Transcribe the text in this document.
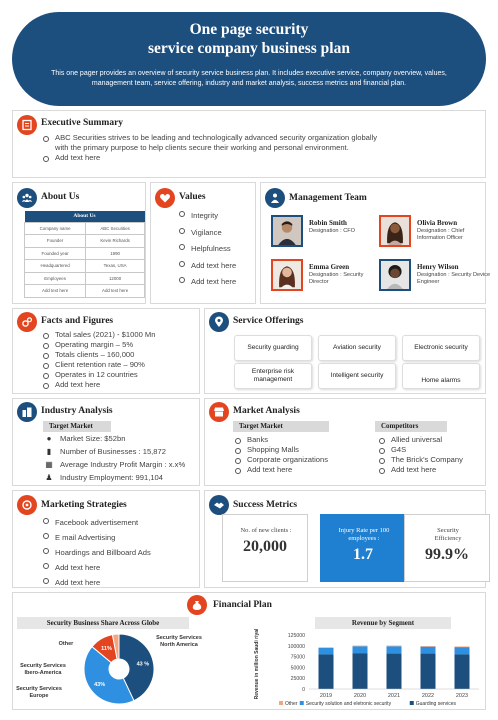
One page security
service company business plan
This one pager provides an overview of security service business plan. It includes executive service, company overview, values, management team, service offering, industry and market analysis, success metrics and financial plan.
Executive Summary
ABC Securities strives to be leading and technologically advanced security organization globally with the primary purpose to help clients secure their working and personal environment.
Add text here
About Us
About Us	
Company name	ABC Securities
Founder	Kevin Richards
Founded year	1990
Headquartered	Texas, USA
Employees	12000
Add text here	Add text here
Values
Integrity
Vigilance
Helpfulness
Add text here
Add text here
Management Team
Robin Smith
Designation : CFO
Olivia Brown
Designation : Chief Information Officer
Emma Green
Designation : Security Director
Henry Wilson
Designation : Security Device Engineer
Facts and Figures
Total sales (2021) - $1000 Mn
Operating margin – 5%
Totals clients – 160,000
Client retention rate – 90%
Operates in 12 countries
Add text here
Service Offerings
Security guarding	Aviation security	Electronic security
Enterprise risk management
Intelligent security
Home alarms
Industry Analysis
Target Market
●	Market Size: $52bn
▮	Number of Businesses : 15,872
▦ Average Industry Profit Margin : x.x%
♟ Industry Employment: 991,104
Market Analysis
Target Market
Banks
Shopping Malls
Corporate organizations
Add text here
Competitors
Allied universal
G4S
The Brick's Company
Add text here
Marketing Strategies
Facebook advertisement
E mail Advertising
Hoardings and Billboard Ads
Add text here
Add text here
Success Metrics
No. of new clients :
20,000
Injury Rate per 100 employees :
1.7
Security Efficiency
99.9%
Financial Plan
Security Business Share Across Globe
43 %
43%
11%
Security Services North America
Security Services Europe
Security Services Ibero-America
Other
Revenue by Segment
Revenue in million Saudi riyal	0
25000
50000
75000
100000
125000
2019	2020	2021	2022	2023
Other Security solution and eletronic security	Guarding services
